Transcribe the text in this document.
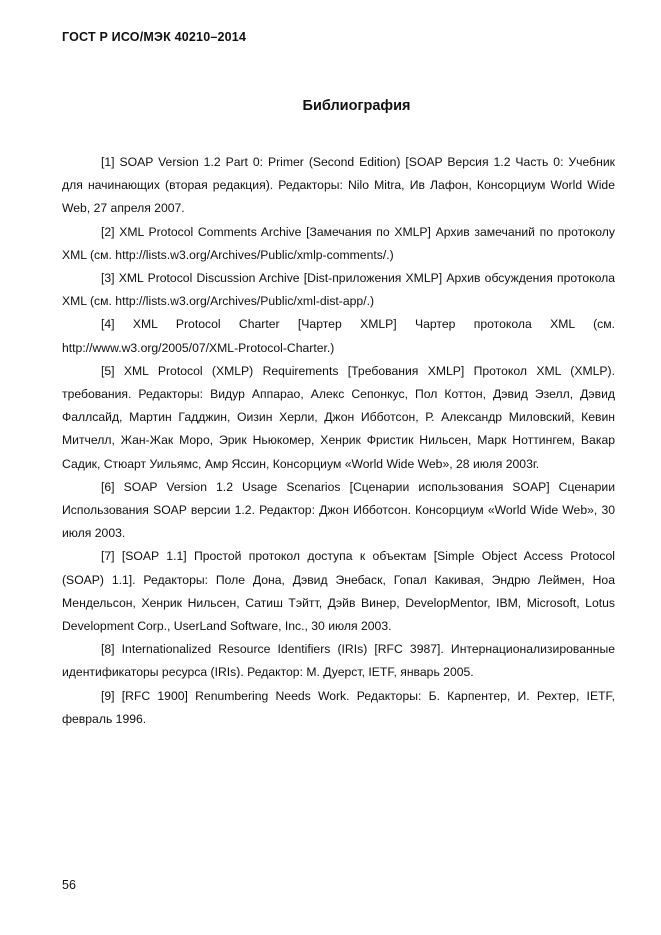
ГОСТ Р ИСО/МЭК 40210–2014
Библиография

[1] SOAP Version 1.2 Part 0: Primer (Second Edition) [SOAP Версия 1.2 Часть 0: Учебник для начинающих (вторая редакция). Редакторы: Nilo Mitra, Ив Лафон, Консорциум World Wide Web, 27 апреля 2007.

[2] XML Protocol Comments Archive [Замечания по XMLP] Архив замечаний по протоколу XML (см. http://lists.w3.org/Archives/Public/xmlp-comments/.)

[3] XML Protocol Discussion Archive [Dist-приложения XMLP] Архив обсуждения протокола XML (см. http://lists.w3.org/Archives/Public/xml-dist-app/.)

[4] XML Protocol Charter [Чартер XMLP] Чартер протокола XML (см. http://www.w3.org/2005/07/XML-Protocol-Charter.)

[5] XML Protocol (XMLP) Requirements [Требования XMLP] Протокол XML (XMLP). требования. Редакторы: Видур Аппарао, Алекс Сепонкус, Пол Коттон, Дэвид Эзелл, Дэвид Фаллсайд, Мартин Гадджин, Оизин Херли, Джон Ибботсон, Р. Александр Миловский, Кевин Митчелл, Жан-Жак Моро, Эрик Ньюкомер, Хенрик Фристик Нильсен, Марк Ноттингем, Вакар Садик, Стюарт Уильямс, Амр Яссин, Консорциум «World Wide Web», 28 июля 2003г.

[6] SOAP Version 1.2 Usage Scenarios [Сценарии использования SOAP] Сценарии Использования SOAP версии 1.2. Редактор: Джон Ибботсон. Консорциум «World Wide Web», 30 июля 2003.

[7] [SOAP 1.1] Простой протокол доступа к объектам [Simple Object Access Protocol (SOAP) 1.1]. Редакторы: Поле Дона, Дэвид Энебаск, Гопал Какивая, Эндрю Леймен, Ноа Мендельсон, Хенрик Нильсен, Сатиш Тэйтт, Дэйв Винер, DevelopMentor, IBM, Microsoft, Lotus Development Corp., UserLand Software, Inc., 30 июля 2003.

[8] Internationalized Resource Identifiers (IRIs) [RFC 3987]. Интернационализированные идентификаторы ресурса (IRIs). Редактор: М. Дуерст, IETF, январь 2005.

[9] [RFC 1900] Renumbering Needs Work. Редакторы: Б. Карпентер, И. Рехтер, IETF, февраль 1996.

56
